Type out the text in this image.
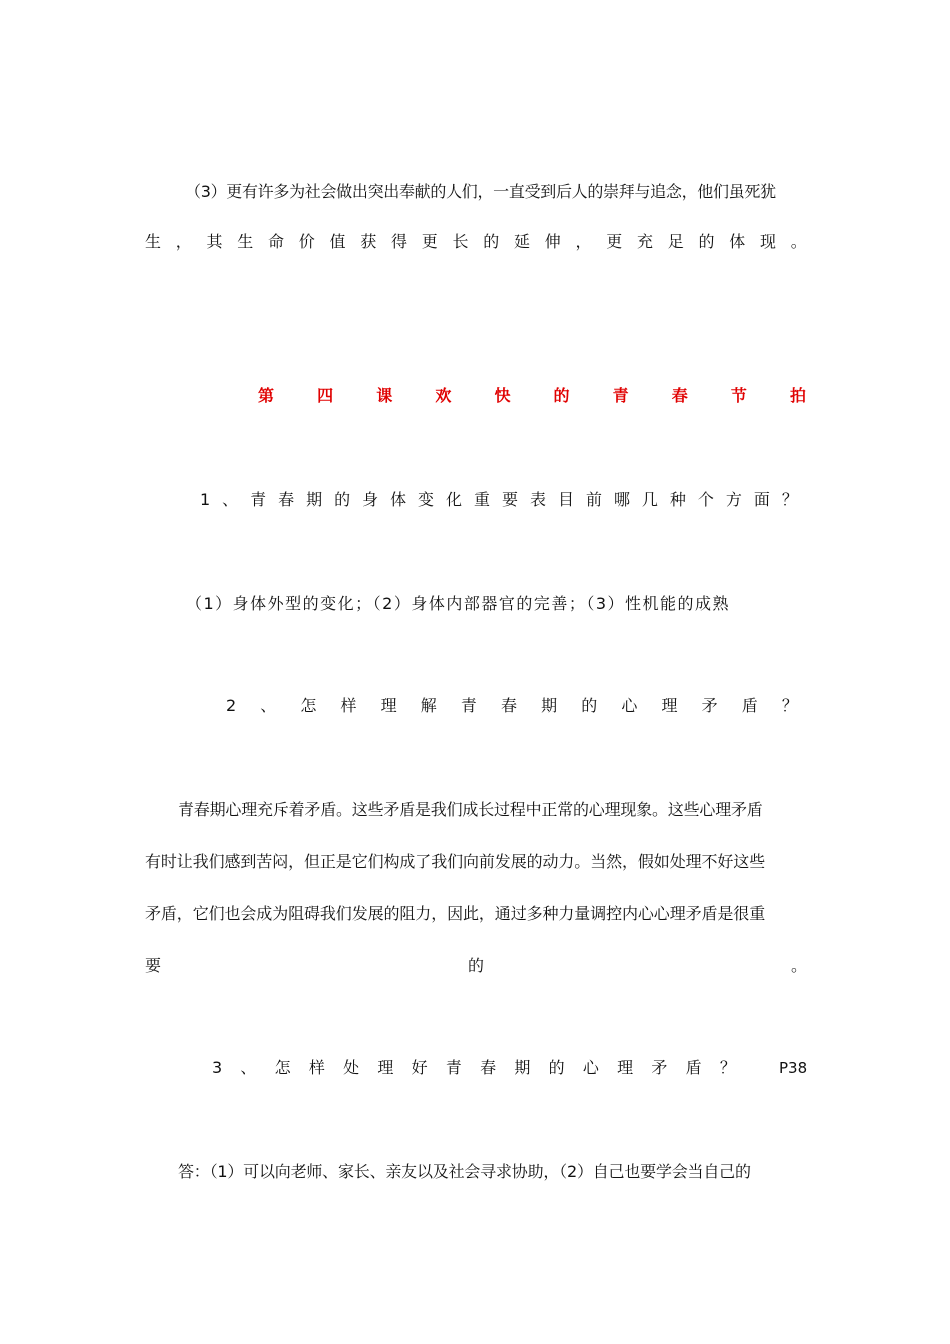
（3）更有许多为社会做出突出奉献的人们，一直受到后人的崇拜与追念，他们虽死犹
生 ， 其 生 命 价 值 获 得 更 长 的 延 伸 ， 更 充 足 的 体 现 。
第	四	课	欢	快	的	青	春	节	拍
1 、 青 春 期 的 身 体 变 化 重 要 表 目 前 哪 几 种 个 方 面 ？
（1）身体外型的变化；（2）身体内部器官的完善；（3）性机能的成熟
2 、 怎 样 理 解 青 春 期 的 心 理 矛 盾 ？
青春期心理充斥着矛盾。这些矛盾是我们成长过程中正常的心理现象。这些心理矛盾
有时让我们感到苦闷，但正是它们构成了我们向前发展的动力。当然，假如处理不好这些
矛盾，它们也会成为阻碍我们发展的阻力，因此，通过多种力量调控内心心理矛盾是很重
要	的	。
3 、 怎 样 处 理 好 青 春 期 的 心 理 矛 盾 ？	P38
答：（1）可以向老师、家长、亲友以及社会寻求协助，（2）自己也要学会当自己的
